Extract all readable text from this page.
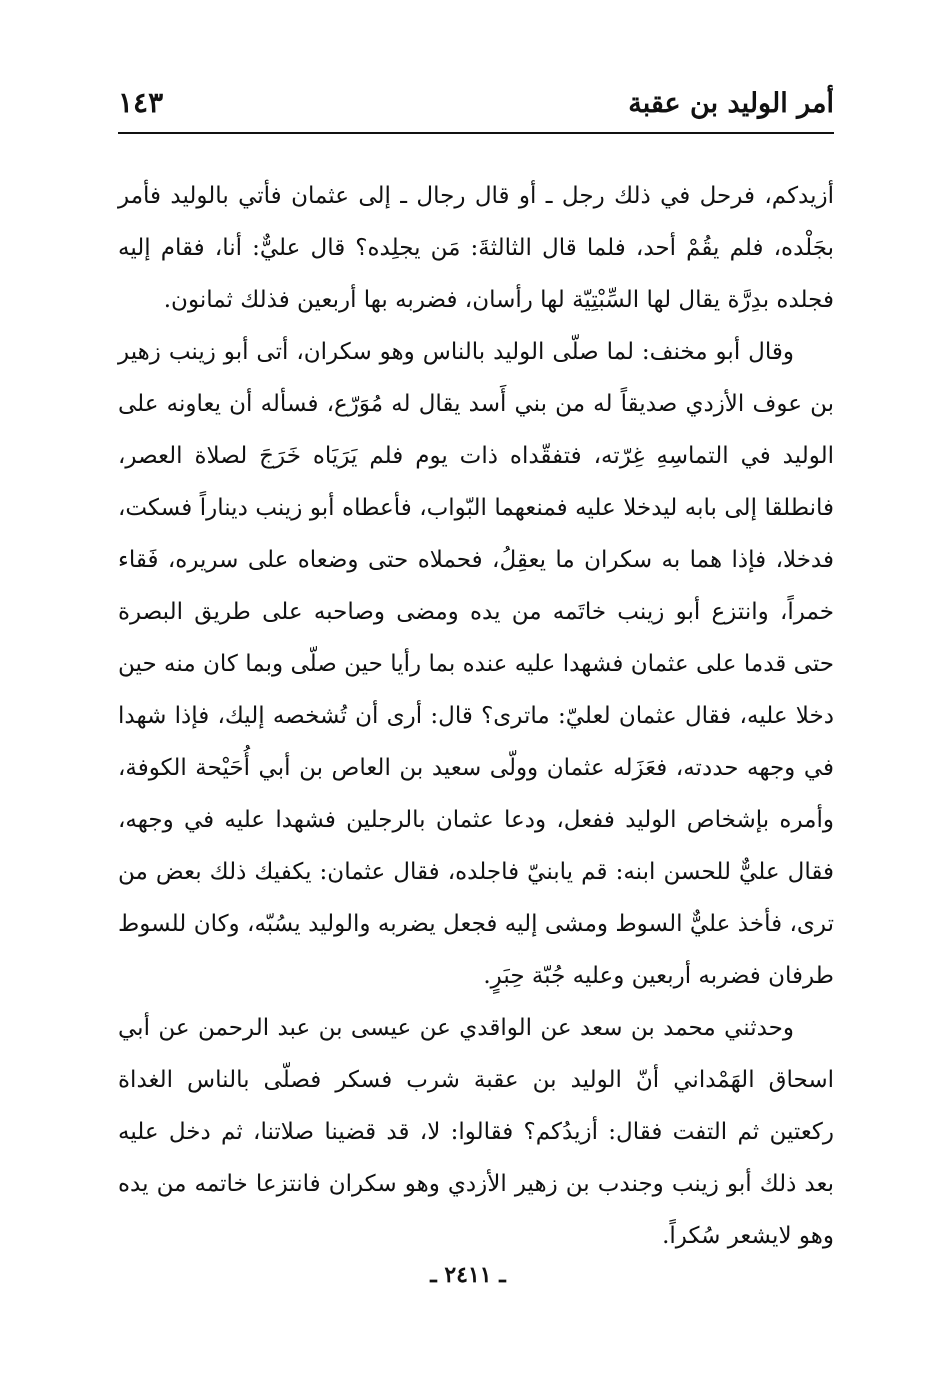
أمر الوليد بن عقبة
١٤٣

أزيدكم، فرحل في ذلك رجل ـ أو قال رجال ـ إلى عثمان فأتي بالوليد فأمر بجَلْده، فلم يقُمْ أحد، فلما قال الثالثةَ: مَن يجلِده؟ قال عليٌّ: أنا، فقام إليه فجلده بدِرَّة يقال لها السِّبْتِيّة لها رأسان، فضربه بها أربعين فذلك ثمانون.

وقال أبو مخنف: لما صلّى الوليد بالناس وهو سكران، أتى أبو زينب زهير بن عوف الأزدي صديقاً له من بني أَسد يقال له مُوَرّع، فسأله أن يعاونه على الوليد في التماسِهِ غِرّته، فتفقّداه ذات يوم فلم يَرَيَاه خَرَجَ لصلاة العصر، فانطلقا إلى بابه ليدخلا عليه فمنعهما البّواب، فأعطاه أبو زينب ديناراً فسكت، فدخلا، فإذا هما به سكران ما يعقِلُ، فحملاه حتى وضعاه على سريره، فَقاء خمراً، وانتزع أبو زينب خاتَمه من يده ومضى وصاحبه على طريق البصرة حتى قدما على عثمان فشهدا عليه عنده بما رأيا حين صلّى وبما كان منه حين دخلا عليه، فقال عثمان لعليّ: ماترى؟ قال: أرى أن تُشخصه إليك، فإذا شهدا في وجهه حددته، فعَزَله عثمان وولّى سعيد بن العاص بن أبي أُحَيْحة الكوفة، وأمره بإشخاص الوليد ففعل، ودعا عثمان بالرجلين فشهدا عليه في وجهه، فقال عليٌّ للحسن ابنه: قم يابنيّ فاجلده، فقال عثمان: يكفيك ذلك بعض من ترى، فأخذ عليٌّ السوط ومشى إليه فجعل يضربه والوليد يسُبّه، وكان للسوط طرفان فضربه أربعين وعليه جُبّة حِبَرٍ.

وحدثني محمد بن سعد عن الواقدي عن عيسى بن عبد الرحمن عن أبي اسحاق الهَمْداني أنّ الوليد بن عقبة شرب فسكر فصلّى بالناس الغداة ركعتين ثم التفت فقال: أزيدُكم؟ فقالوا: لا، قد قضينا صلاتنا، ثم دخل عليه بعد ذلك أبو زينب وجندب بن زهير الأزدي وهو سكران فانتزعا خاتمه من يده وهو لايشعر سُكراً.

ـ ٢٤١١ ـ
